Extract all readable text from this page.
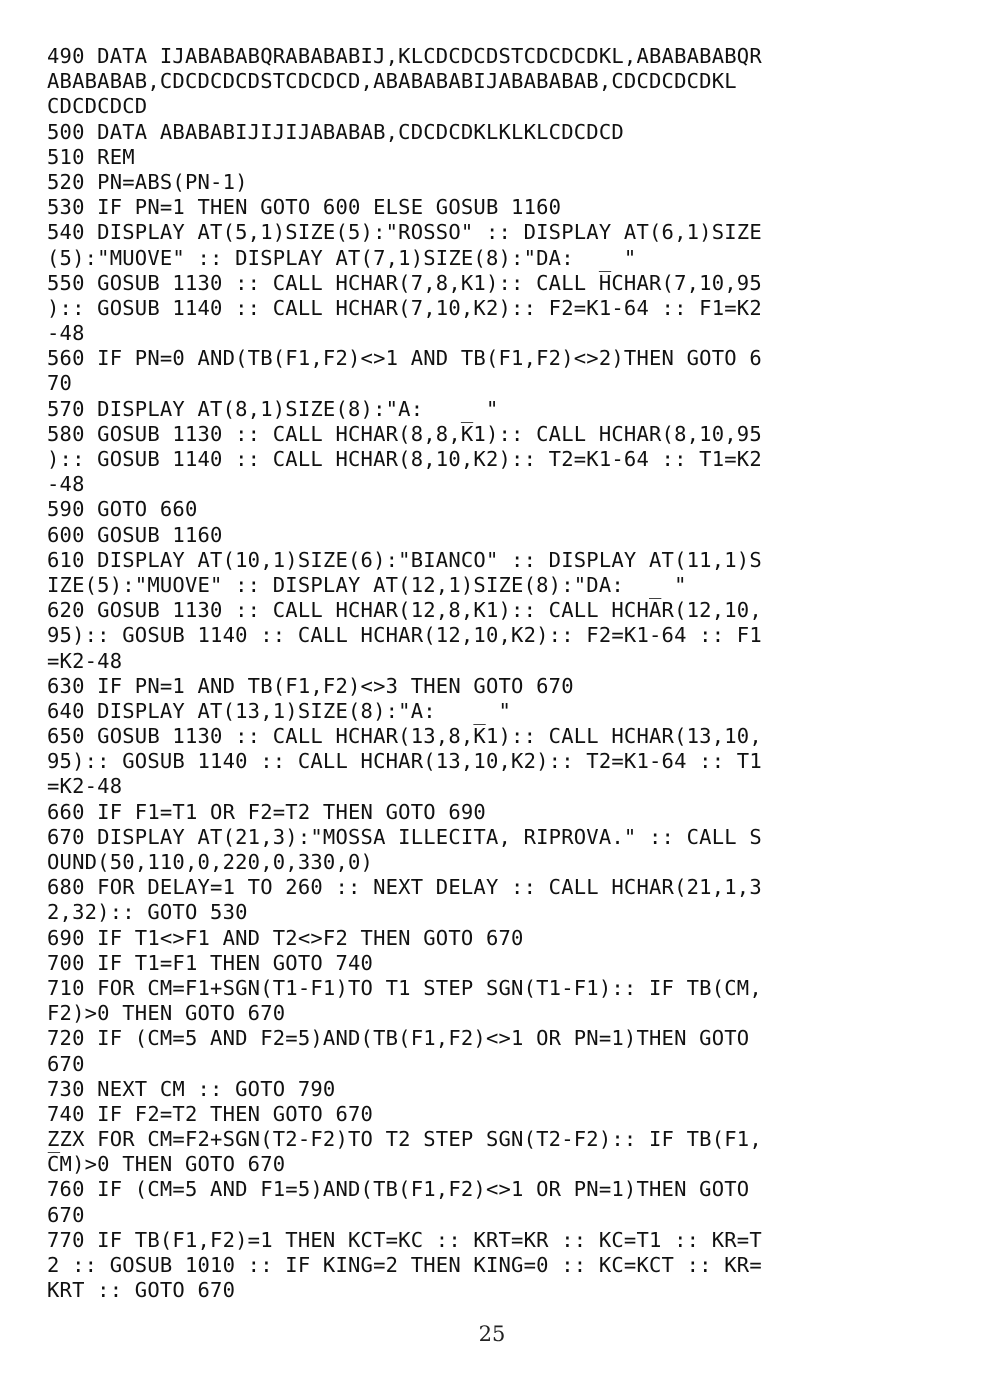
490 DATA IJABABABQRABABABIJ,KLCDCDCDSTCDCDCDKL,ABABABABQR
ABABABAB,CDCDCDCDSTCDCDCD,ABABABABIJABABABAB,CDCDCDCDKL
CDCDCDCD
500 DATA ABABABIJIJIJABABAB,CDCDCDKLKLKLCDCDCD
510 REM
520 PN=ABS(PN-1)
530 IF PN=1 THEN GOTO 600 ELSE GOSUB 1160
540 DISPLAY AT(5,1)SIZE(5):"ROSSO" :: DISPLAY AT(6,1)SIZE
(5):"MUOVE" :: DISPLAY AT(7,1)SIZE(8):"DA:    "
550 GOSUB 1130 :: CALL HCHAR(7,8,K1):: CALL H̅CHAR(7,10,95
):: GOSUB 1140 :: CALL HCHAR(7,10,K2):: F2=K1-64 :: F1=K2
-48
560 IF PN=0 AND(TB(F1,F2)<>1 AND TB(F1,F2)<>2)THEN GOTO 6
70
570 DISPLAY AT(8,1)SIZE(8):"A:     "
580 GOSUB 1130 :: CALL HCHAR(8,8,K̅1):: CALL HCHAR(8,10,95
):: GOSUB 1140 :: CALL HCHAR(8,10,K2):: T2=K1-64 :: T1=K2
-48
590 GOTO 660
600 GOSUB 1160
610 DISPLAY AT(10,1)SIZE(6):"BIANCO" :: DISPLAY AT(11,1)S
IZE(5):"MUOVE" :: DISPLAY AT(12,1)SIZE(8):"DA:    "
620 GOSUB 1130 :: CALL HCHAR(12,8,K1):: CALL HCHA̅R(12,10,
95):: GOSUB 1140 :: CALL HCHAR(12,10,K2):: F2=K1-64 :: F1
=K2-48
630 IF PN=1 AND TB(F1,F2)<>3 THEN GOTO 670
640 DISPLAY AT(13,1)SIZE(8):"A:     "
650 GOSUB 1130 :: CALL HCHAR(13,8,K̅1):: CALL HCHAR(13,10,
95):: GOSUB 1140 :: CALL HCHAR(13,10,K2):: T2=K1-64 :: T1
=K2-48
660 IF F1=T1 OR F2=T2 THEN GOTO 690
670 DISPLAY AT(21,3):"MOSSA ILLECITA, RIPROVA." :: CALL S
OUND(50,110,0,220,0,330,0)
680 FOR DELAY=1 TO 260 :: NEXT DELAY :: CALL HCHAR(21,1,3
2,32):: GOTO 530
690 IF T1<>F1 AND T2<>F2 THEN GOTO 670
700 IF T1=F1 THEN GOTO 740
710 FOR CM=F1+SGN(T1-F1)TO T1 STEP SGN(T1-F1):: IF TB(CM,
F2)>0 THEN GOTO 670
720 IF (CM=5 AND F2=5)AND(TB(F1,F2)<>1 OR PN=1)THEN GOTO
670
730 NEXT CM :: GOTO 790
740 IF F2=T2 THEN GOTO 670
ZZX FOR CM=F2+SGN(T2-F2)TO T2 STEP SGN(T2-F2):: IF TB(F1,
C̅M)>0 THEN GOTO 670
760 IF (CM=5 AND F1=5)AND(TB(F1,F2)<>1 OR PN=1)THEN GOTO
670
770 IF TB(F1,F2)=1 THEN KCT=KC :: KRT=KR :: KC=T1 :: KR=T
2 :: GOSUB 1010 :: IF KING=2 THEN KING=0 :: KC=KCT :: KR=
KRT :: GOTO 670
25
